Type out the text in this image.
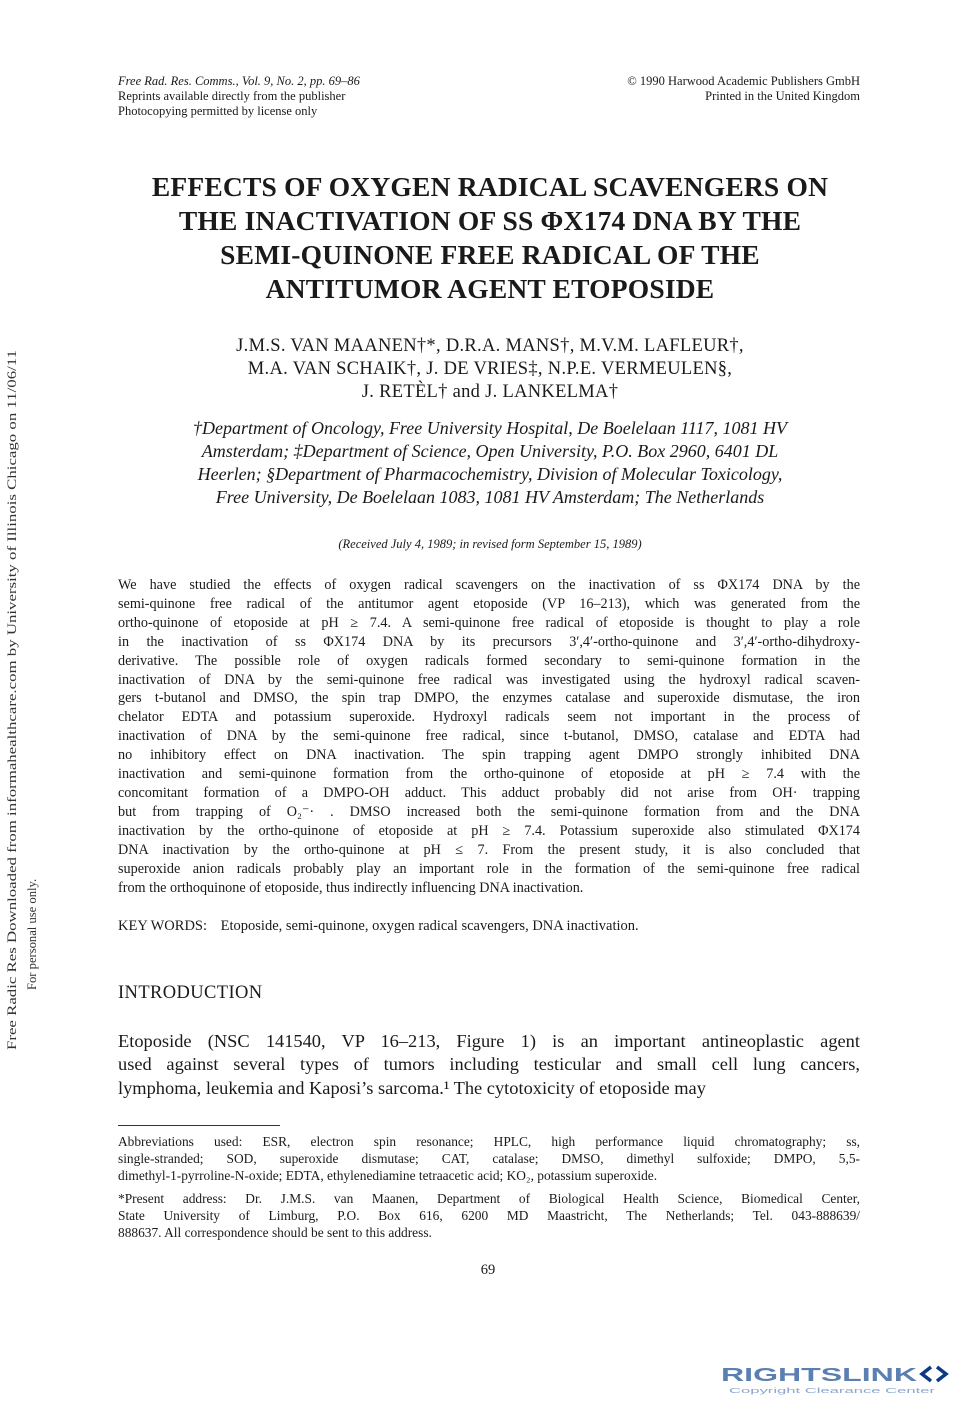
Free Rad. Res. Comms., Vol. 9, No. 2, pp. 69–86
Reprints available directly from the publisher
Photocopying permitted by license only
© 1990 Harwood Academic Publishers GmbH
Printed in the United Kingdom
EFFECTS OF OXYGEN RADICAL SCAVENGERS ON
THE INACTIVATION OF SS ΦX174 DNA BY THE
SEMI-QUINONE FREE RADICAL OF THE
ANTITUMOR AGENT ETOPOSIDE
J.M.S. VAN MAANEN†*, D.R.A. MANS†, M.V.M. LAFLEUR†,
M.A. VAN SCHAIK†, J. DE VRIES‡, N.P.E. VERMEULEN§,
J. RETÈL† and J. LANKELMA†
†Department of Oncology, Free University Hospital, De Boelelaan 1117, 1081 HV
Amsterdam; ‡Department of Science, Open University, P.O. Box 2960, 6401 DL
Heerlen; §Department of Pharmacochemistry, Division of Molecular Toxicology,
Free University, De Boelelaan 1083, 1081 HV Amsterdam; The Netherlands
(Received July 4, 1989; in revised form September 15, 1989)
We have studied the effects of oxygen radical scavengers on the inactivation of ss ΦX174 DNA by the
semi-quinone free radical of the antitumor agent etoposide (VP 16–213), which was generated from the
ortho-quinone of etoposide at pH ≥ 7.4. A semi-quinone free radical of etoposide is thought to play a role
in the inactivation of ss ΦX174 DNA by its precursors 3′,4′-ortho-quinone and 3′,4′-ortho-dihydroxy-
derivative. The possible role of oxygen radicals formed secondary to semi-quinone formation in the
inactivation of DNA by the semi-quinone free radical was investigated using the hydroxyl radical scaven-
gers t-butanol and DMSO, the spin trap DMPO, the enzymes catalase and superoxide dismutase, the iron
chelator EDTA and potassium superoxide. Hydroxyl radicals seem not important in the process of
inactivation of DNA by the semi-quinone free radical, since t-butanol, DMSO, catalase and EDTA had
no inhibitory effect on DNA inactivation. The spin trapping agent DMPO strongly inhibited DNA
inactivation and semi-quinone formation from the ortho-quinone of etoposide at pH ≥ 7.4 with the
concomitant formation of a DMPO-OH adduct. This adduct probably did not arise from OH· trapping
but from trapping of O₂⁻· . DMSO increased both the semi-quinone formation from and the DNA
inactivation by the ortho-quinone of etoposide at pH ≥ 7.4. Potassium superoxide also stimulated ΦX174
DNA inactivation by the ortho-quinone at pH ≤ 7. From the present study, it is also concluded that
superoxide anion radicals probably play an important role in the formation of the semi-quinone free radical
from the orthoquinone of etoposide, thus indirectly influencing DNA inactivation.
KEY WORDS: Etoposide, semi-quinone, oxygen radical scavengers, DNA inactivation.
INTRODUCTION
Etoposide (NSC 141540, VP 16–213, Figure 1) is an important antineoplastic agent
used against several types of tumors including testicular and small cell lung cancers,
lymphoma, leukemia and Kaposi’s sarcoma.¹ The cytotoxicity of etoposide may
Abbreviations used: ESR, electron spin resonance; HPLC, high performance liquid chromatography; ss,
single-stranded; SOD, superoxide dismutase; CAT, catalase; DMSO, dimethyl sulfoxide; DMPO, 5,5-
dimethyl-1-pyrroline-N-oxide; EDTA, ethylenediamine tetraacetic acid; KO₂, potassium superoxide.
*Present address: Dr. J.M.S. van Maanen, Department of Biological Health Science, Biomedical Center,
State University of Limburg, P.O. Box 616, 6200 MD Maastricht, The Netherlands; Tel. 043-888639/
888637. All correspondence should be sent to this address.
69
Free Radic Res Downloaded from informahealthcare.com by University of Illinois Chicago on 11/06/11 For personal use only.
RIGHTSLINK
Copyright Clearance Center
